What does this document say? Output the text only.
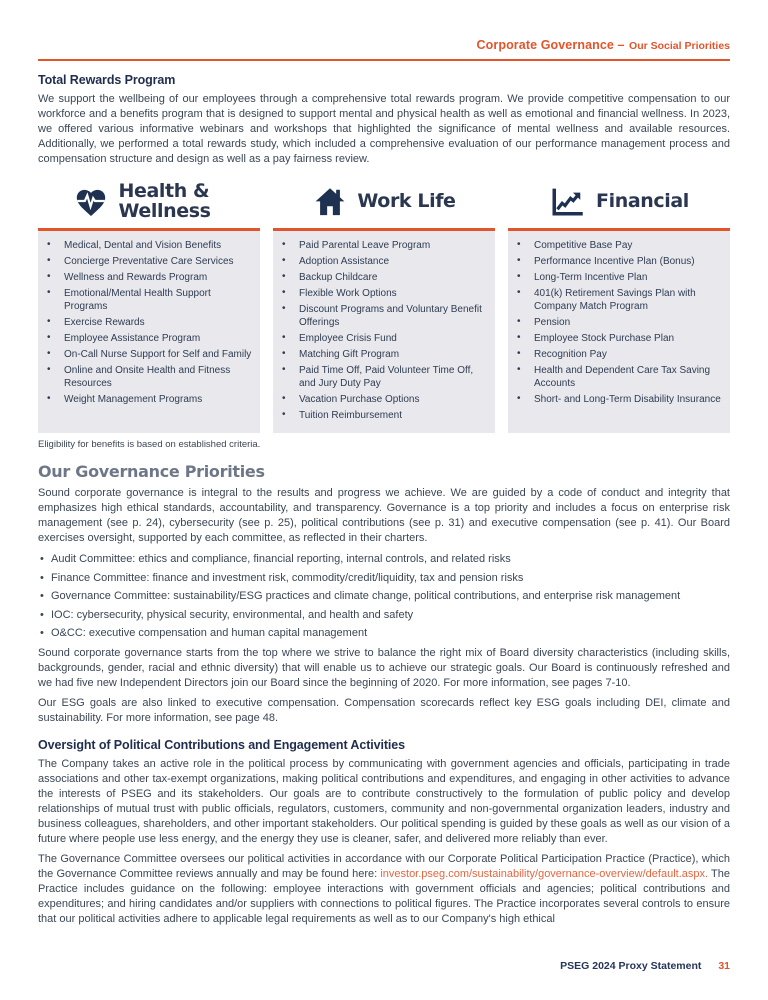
Corporate Governance – Our Social Priorities
Total Rewards Program

We support the wellbeing of our employees through a comprehensive total rewards program. We provide competitive compensation to our workforce and a benefits program that is designed to support mental and physical health as well as emotional and financial wellness. In 2023, we offered various informative webinars and workshops that highlighted the significance of mental wellness and available resources. Additionally, we performed a total rewards study, which included a comprehensive evaluation of our performance management process and compensation structure and design as well as a pay fairness review.

Health & Wellness
• Medical, Dental and Vision Benefits
• Concierge Preventative Care Services
• Wellness and Rewards Program
• Emotional/Mental Health Support Programs
• Exercise Rewards
• Employee Assistance Program
• On-Call Nurse Support for Self and Family
• Online and Onsite Health and Fitness Resources
• Weight Management Programs
Work Life
• Paid Parental Leave Program
• Adoption Assistance
• Backup Childcare
• Flexible Work Options
• Discount Programs and Voluntary Benefit Offerings
• Employee Crisis Fund
• Matching Gift Program
• Paid Time Off, Paid Volunteer Time Off, and Jury Duty Pay
• Vacation Purchase Options
• Tuition Reimbursement
Financial
• Competitive Base Pay
• Performance Incentive Plan (Bonus)
• Long-Term Incentive Plan
• 401(k) Retirement Savings Plan with Company Match Program
• Pension
• Employee Stock Purchase Plan
• Recognition Pay
• Health and Dependent Care Tax Saving Accounts
• Short- and Long-Term Disability Insurance

Eligibility for benefits is based on established criteria.

Our Governance Priorities

Sound corporate governance is integral to the results and progress we achieve. We are guided by a code of conduct and integrity that emphasizes high ethical standards, accountability, and transparency. Governance is a top priority and includes a focus on enterprise risk management (see p. 24), cybersecurity (see p. 25), political contributions (see p. 31) and executive compensation (see p. 41). Our Board exercises oversight, supported by each committee, as reflected in their charters.

• Audit Committee: ethics and compliance, financial reporting, internal controls, and related risks
• Finance Committee: finance and investment risk, commodity/credit/liquidity, tax and pension risks
• Governance Committee: sustainability/ESG practices and climate change, political contributions, and enterprise risk management
• IOC: cybersecurity, physical security, environmental, and health and safety
• O&CC: executive compensation and human capital management

Sound corporate governance starts from the top where we strive to balance the right mix of Board diversity characteristics (including skills, backgrounds, gender, racial and ethnic diversity) that will enable us to achieve our strategic goals. Our Board is continuously refreshed and we had five new Independent Directors join our Board since the beginning of 2020. For more information, see pages 7-10.

Our ESG goals are also linked to executive compensation. Compensation scorecards reflect key ESG goals including DEI, climate and sustainability. For more information, see page 48.

Oversight of Political Contributions and Engagement Activities

The Company takes an active role in the political process by communicating with government agencies and officials, participating in trade associations and other tax-exempt organizations, making political contributions and expenditures, and engaging in other activities to advance the interests of PSEG and its stakeholders. Our goals are to contribute constructively to the formulation of public policy and develop relationships of mutual trust with public officials, regulators, customers, community and non-governmental organization leaders, industry and business colleagues, shareholders, and other important stakeholders. Our political spending is guided by these goals as well as our vision of a future where people use less energy, and the energy they use is cleaner, safer, and delivered more reliably than ever.

The Governance Committee oversees our political activities in accordance with our Corporate Political Participation Practice (Practice), which the Governance Committee reviews annually and may be found here: investor.pseg.com/sustainability/governance-overview/default.aspx. The Practice includes guidance on the following: employee interactions with government officials and agencies; political contributions and expenditures; and hiring candidates and/or suppliers with connections to political figures. The Practice incorporates several controls to ensure that our political activities adhere to applicable legal requirements as well as to our Company's high ethical

PSEG 2024 Proxy Statement 31
